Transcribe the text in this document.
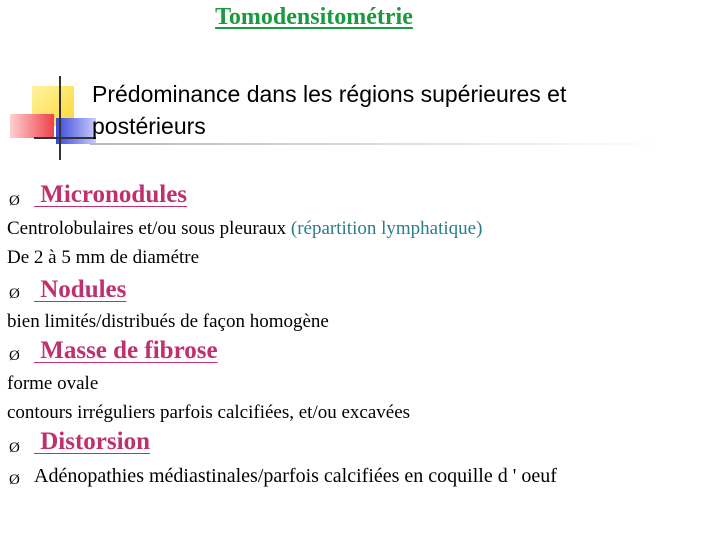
Tomodensitométrie
Prédominance dans les régions supérieures et postérieurs
Ø Micronodules
Centrolobulaires et/ou sous pleuraux (répartition lymphatique)
De 2 à 5 mm de diamétre
Ø Nodules
bien limités/distribués de façon homogène
Ø Masse de fibrose
forme ovale
contours irréguliers parfois calcifiées, et/ou excavées
Ø Distorsion
Ø Adénopathies médiastinales/parfois calcifiées en coquille d ' oeuf
